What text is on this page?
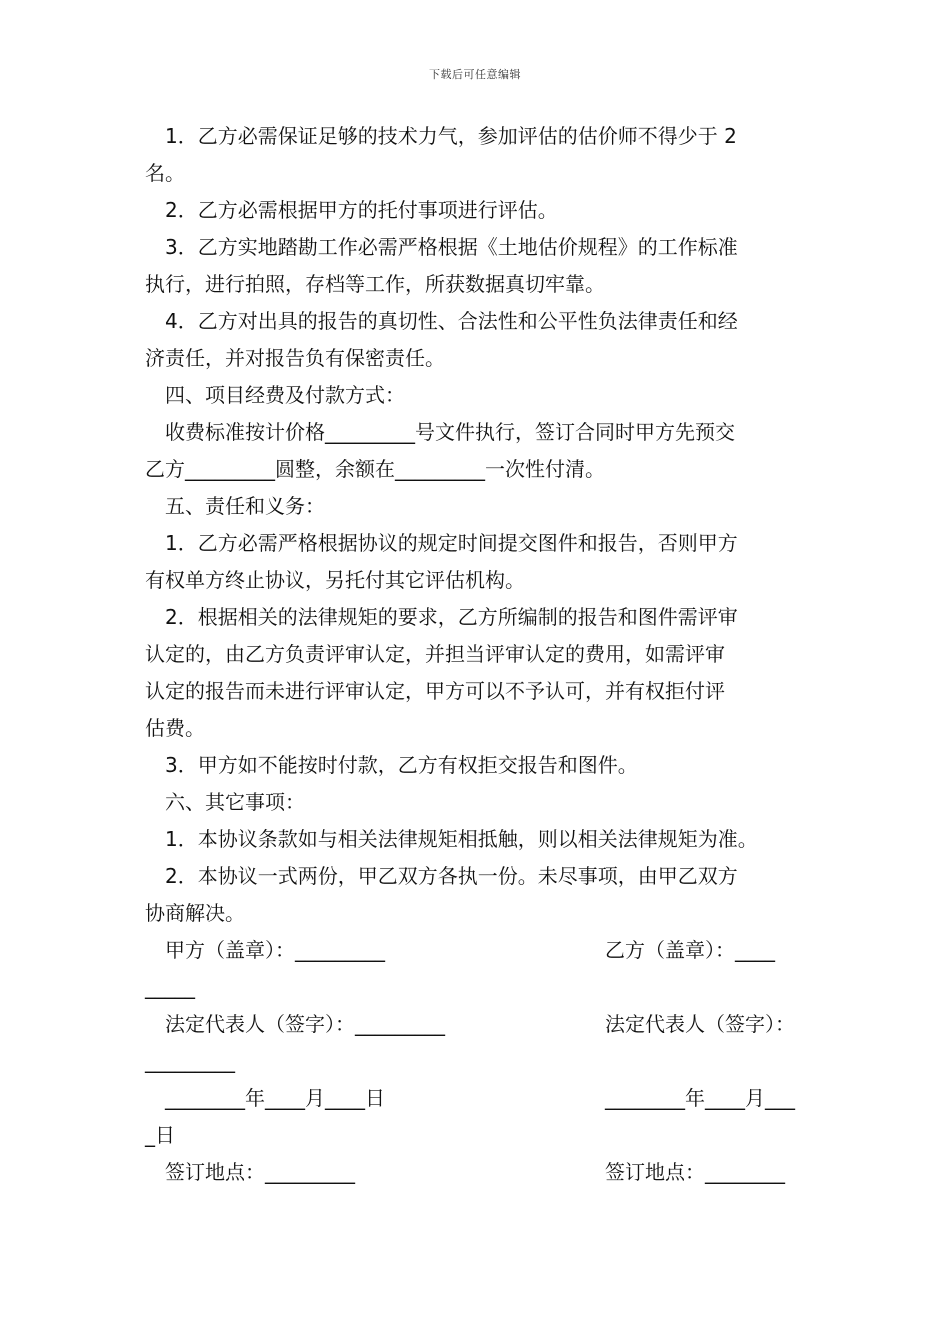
下载后可任意编辑

1．乙方必需保证足够的技术力气，参加评估的估价师不得少于 2

名。

2．乙方必需根据甲方的托付事项进行评估。

3．乙方实地踏勘工作必需严格根据《土地估价规程》的工作标准

执行，进行拍照，存档等工作，所获数据真切牢靠。

4．乙方对出具的报告的真切性、合法性和公平性负法律责任和经

济责任，并对报告负有保密责任。

四、项目经费及付款方式：

收费标准按计价格_________号文件执行，签订合同时甲方先预交

乙方_________圆整，余额在_________一次性付清。

五、责任和义务：

1．乙方必需严格根据协议的规定时间提交图件和报告，否则甲方

有权单方终止协议，另托付其它评估机构。

2．根据相关的法律规矩的要求，乙方所编制的报告和图件需评审

认定的，由乙方负责评审认定，并担当评审认定的费用，如需评审

认定的报告而未进行评审认定，甲方可以不予认可，并有权拒付评

估费。

3．甲方如不能按时付款，乙方有权拒交报告和图件。

六、其它事项：

1．本协议条款如与相关法律规矩相抵触，则以相关法律规矩为准。

2．本协议一式两份，甲乙双方各执一份。未尽事项，由甲乙双方

协商解决。

甲方（盖章）：_________	乙方（盖章）：____
_____
法定代表人（签字）：_________	法定代表人（签字）：
_________
________年____月____日	________年____月___
_日
签订地点：_________	签订地点：________
